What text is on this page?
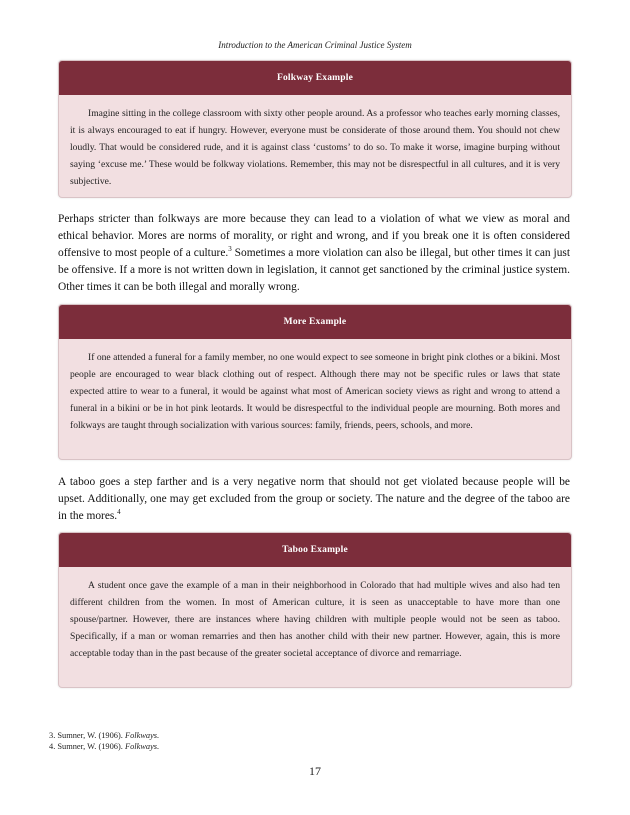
Introduction to the American Criminal Justice System
Folkway Example
Imagine sitting in the college classroom with sixty other people around. As a professor who teaches early morning classes, it is always encouraged to eat if hungry. However, everyone must be considerate of those around them. You should not chew loudly. That would be considered rude, and it is against class ‘customs’ to do so. To make it worse, imagine burping without saying ‘excuse me.’ These would be folkway violations. Remember, this may not be disrespectful in all cultures, and it is very subjective.
Perhaps stricter than folkways are more because they can lead to a violation of what we view as moral and ethical behavior. Mores are norms of morality, or right and wrong, and if you break one it is often considered offensive to most people of a culture.$^3$ Sometimes a more violation can also be illegal, but other times it can just be offensive. If a more is not written down in legislation, it cannot get sanctioned by the criminal justice system. Other times it can be both illegal and morally wrong.
More Example
If one attended a funeral for a family member, no one would expect to see someone in bright pink clothes or a bikini. Most people are encouraged to wear black clothing out of respect. Although there may not be specific rules or laws that state expected attire to wear to a funeral, it would be against what most of American society views as right and wrong to attend a funeral in a bikini or be in hot pink leotards. It would be disrespectful to the individual people are mourning. Both mores and folkways are taught through socialization with various sources: family, friends, peers, schools, and more.
A taboo goes a step farther and is a very negative norm that should not get violated because people will be upset. Additionally, one may get excluded from the group or society. The nature and the degree of the taboo are in the mores.$^4$
Taboo Example
A student once gave the example of a man in their neighborhood in Colorado that had multiple wives and also had ten different children from the women. In most of American culture, it is seen as unacceptable to have more than one spouse/partner. However, there are instances where having children with multiple people would not be seen as taboo. Specifically, if a man or woman remarries and then has another child with their new partner. However, again, this is more acceptable today than in the past because of the greater societal acceptance of divorce and remarriage.
3. Sumner, W. (1906). Folkways.
4. Sumner, W. (1906). Folkways.
17
